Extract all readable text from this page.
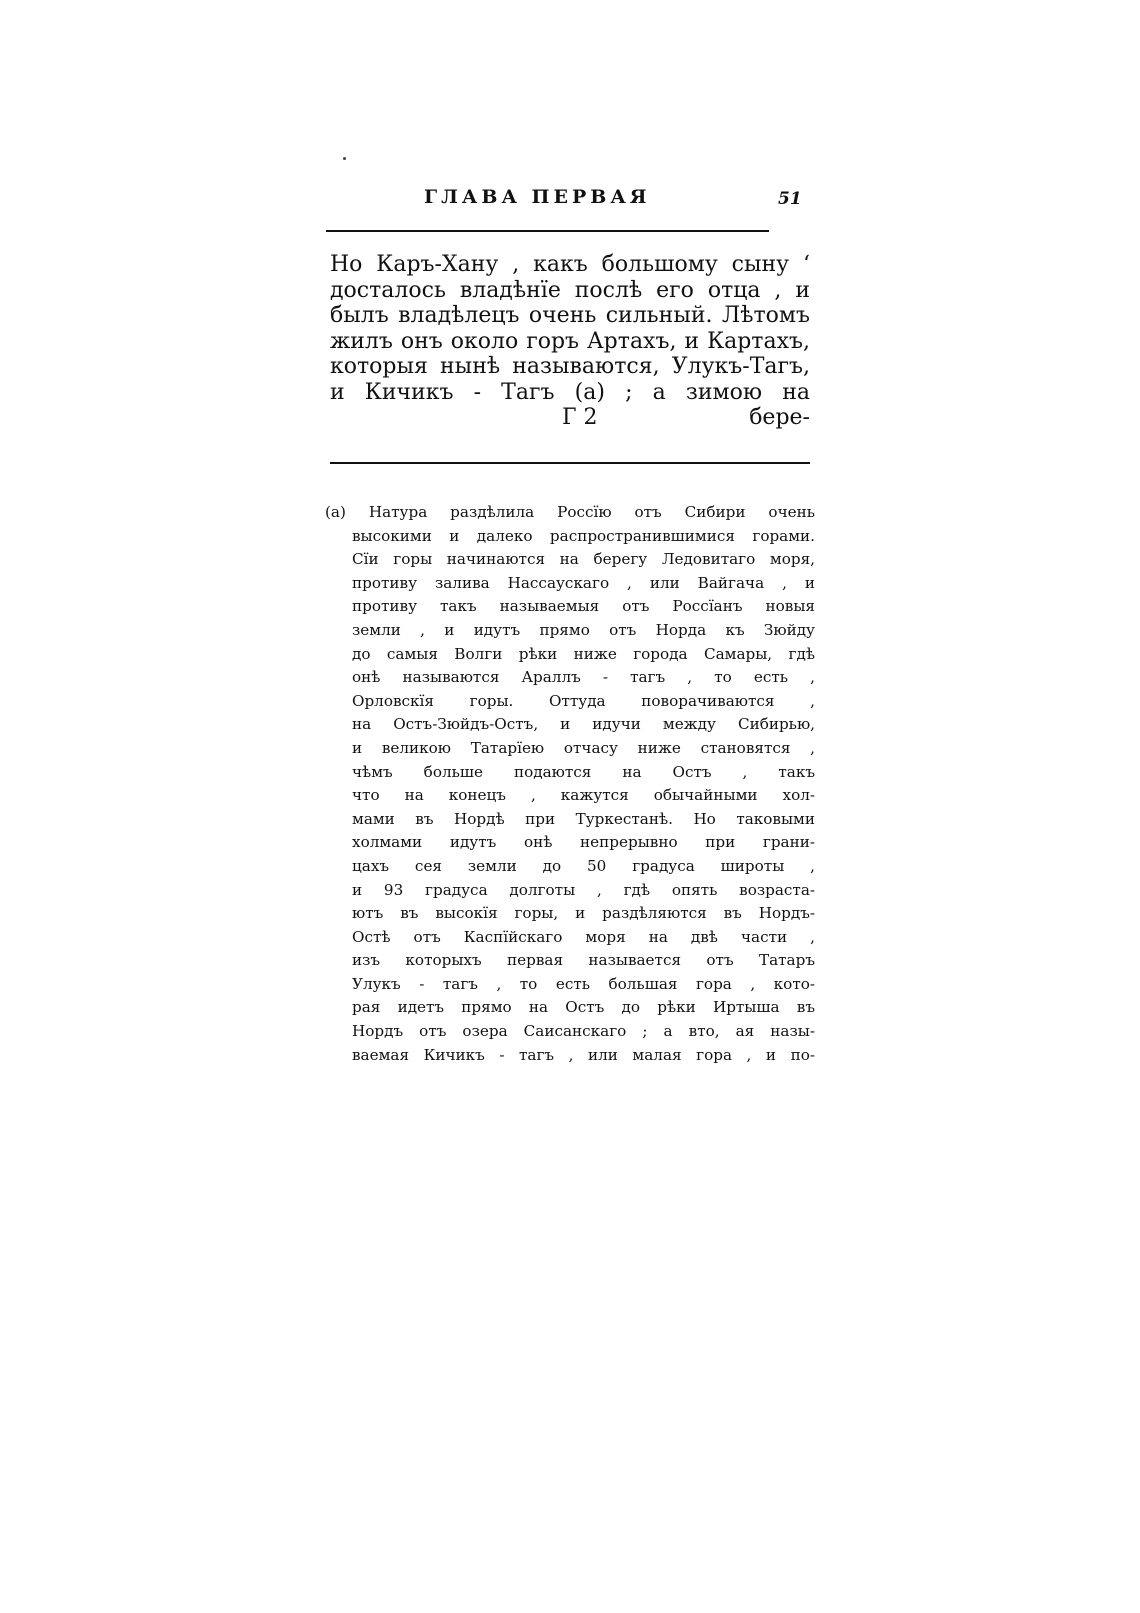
ГЛАВА ПЕРВАЯ	51
Но Каръ-Хану , какъ большому сыну ‘
досталось владѣнїе послѣ его отца , и
былъ владѣлецъ очень сильный. Лѣтомъ
жилъ онъ около горъ Артахъ, и Картахъ,
которыя нынѣ называются, Улукъ-Тагъ,
и Кичикъ - Тагъ (a) ; а зимою на
Г 2	бере-
(a) Натура раздѣлила Россїю отъ Сибири очень
высокими и далеко распространившимися горами.
Сїи горы начинаются на берегу Ледовитаго моря,
противу залива Нассаускаго , или Вайгача , и
противу такъ называемыя отъ Россїанъ новыя
земли , и идутъ прямо отъ Норда къ Зюйду
до самыя Волги рѣки ниже города Самары, гдѣ
онѣ называются Араллъ - тагъ , то есть ,
Орловскїя горы. Оттуда поворачиваются ,
на Остъ-Зюйдъ-Остъ, и идучи между Сибирью,
и великою Татарїею отчасу ниже становятся ,
чѣмъ больше подаются на Остъ , такъ
что на конецъ , кажутся обычайными хол-
мами въ Нордѣ при Туркестанѣ. Но таковыми
холмами идутъ онѣ непрерывно при грани-
цахъ сея земли до 50 градуса широты ,
и 93 градуса долготы , гдѣ опять возраста-
ютъ въ высокїя горы, и раздѣляются въ Нордъ-
Остѣ отъ Каспїйскаго моря на двѣ части ,
изъ которыхъ первая называется отъ Татаръ
Улукъ - тагъ , то есть большая гора , кото-
рая идетъ прямо на Остъ до рѣки Иртыша въ
Нордъ отъ озера Саисанскаго ; а вто, ая назы-
ваемая Кичикъ - тагъ , или малая гора , и по-
